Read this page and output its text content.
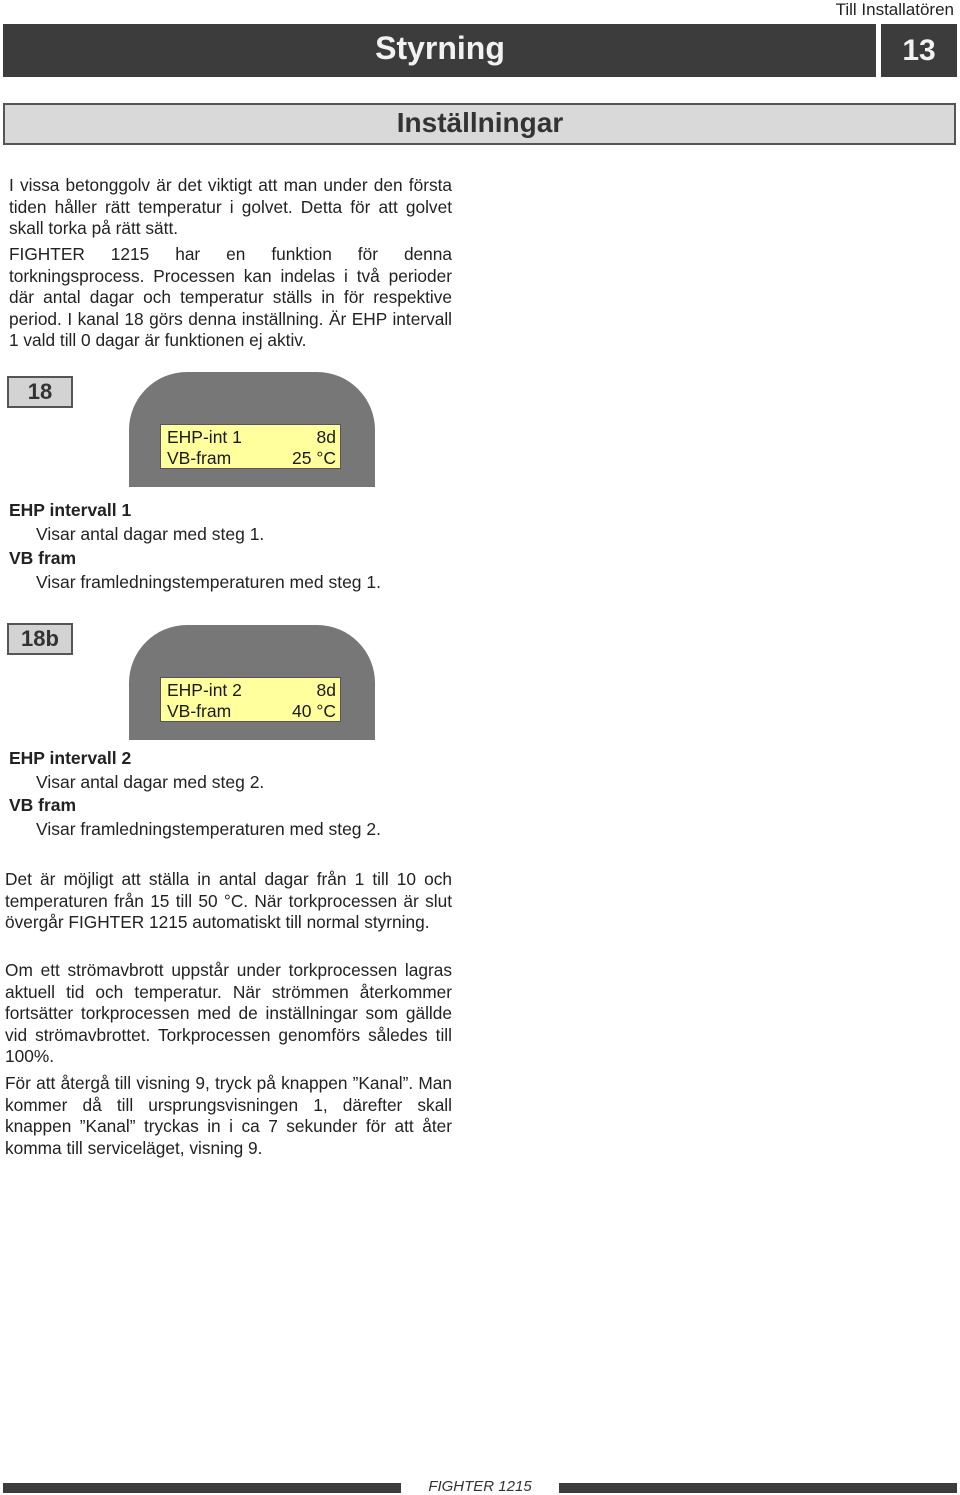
Till Installatören
Styrning	13
Inställningar
I vissa betonggolv är det viktigt att man under den första tiden håller rätt temperatur i golvet. Detta för att golvet skall torka på rätt sätt.
FIGHTER 1215 har en funktion för denna torkningsprocess. Processen kan indelas i två perioder där antal dagar och temperatur ställs in för respektive period. I kanal 18 görs denna inställning. Är EHP intervall 1 vald till 0 dagar är funktionen ej aktiv.
18
EHP-int 1	8d
VB-fram	25 °C
EHP intervall 1
Visar antal dagar med steg 1.
VB fram
Visar framledningstemperaturen med steg 1.
18b
EHP-int 2	8d
VB-fram	40 °C
EHP intervall 2
Visar antal dagar med steg 2.
VB fram
Visar framledningstemperaturen med steg 2.
Det är möjligt att ställa in antal dagar från 1 till 10 och temperaturen från 15 till 50 °C. När torkprocessen är slut övergår FIGHTER 1215 automatiskt till normal styrning.
Om ett strömavbrott uppstår under torkprocessen lagras aktuell tid och temperatur. När strömmen återkommer fortsätter torkprocessen med de inställningar som gällde vid strömavbrottet. Torkprocessen genomförs således till 100%.
För att återgå till visning 9, tryck på knappen ”Kanal”. Man kommer då till ursprungsvisningen 1, därefter skall knappen ”Kanal” tryckas in i ca 7 sekunder för att åter komma till serviceläget, visning 9.
FIGHTER 1215
